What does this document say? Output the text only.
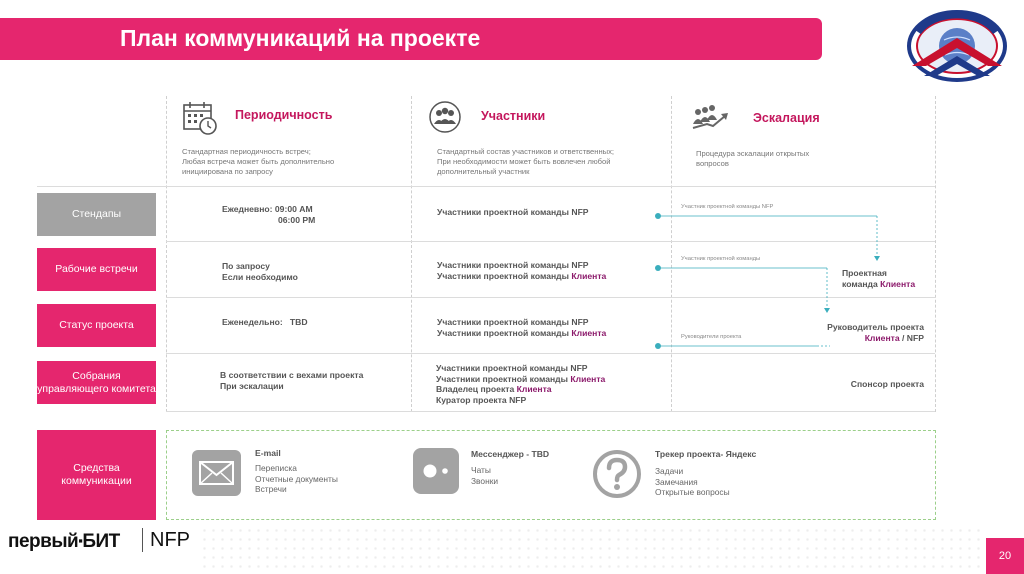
План коммуникаций на проекте
Периодичность
Стандартная периодичность встреч;
Любая встреча может быть дополнительно
инициирована по запросу
Участники
Стандартный состав участников и ответственных;
При необходимости может быть вовлечен любой
дополнительный участник
Эскалация
Процедура эскалации открытых
вопросов
Стендапы
Рабочие встречи
Статус проекта
Собрания управляющего комитета
Ежедневно: 09:00 AM
06:00 PM
Участники проектной команды NFP
По запросу
Если необходимо
Участники проектной команды NFP
Участники проектной команды Клиента
Еженедельно: TBD	Участники проектной команды NFP
Участники проектной команды Клиента
В соответствии с вехами проекта
При эскалации
Участники проектной команды NFP
Участники проектной команды Клиента
Владелец проекта Клиента
Куратор проекта NFP
Участник проектной команды NFP
Участник проектной команды
Руководители проекта
Проектная
команда Клиента
Руководитель проекта
Клиента / NFP
Спонсор проекта
Средства коммуникации
E-mail
Переписка
Отчетные документы
Встречи
Мессенджер - TBD
Чаты
Звонки
Трекер проекта- Яндекс
Задачи
Замечания
Открытые вопросы
первый▪БИТ NFP
20
